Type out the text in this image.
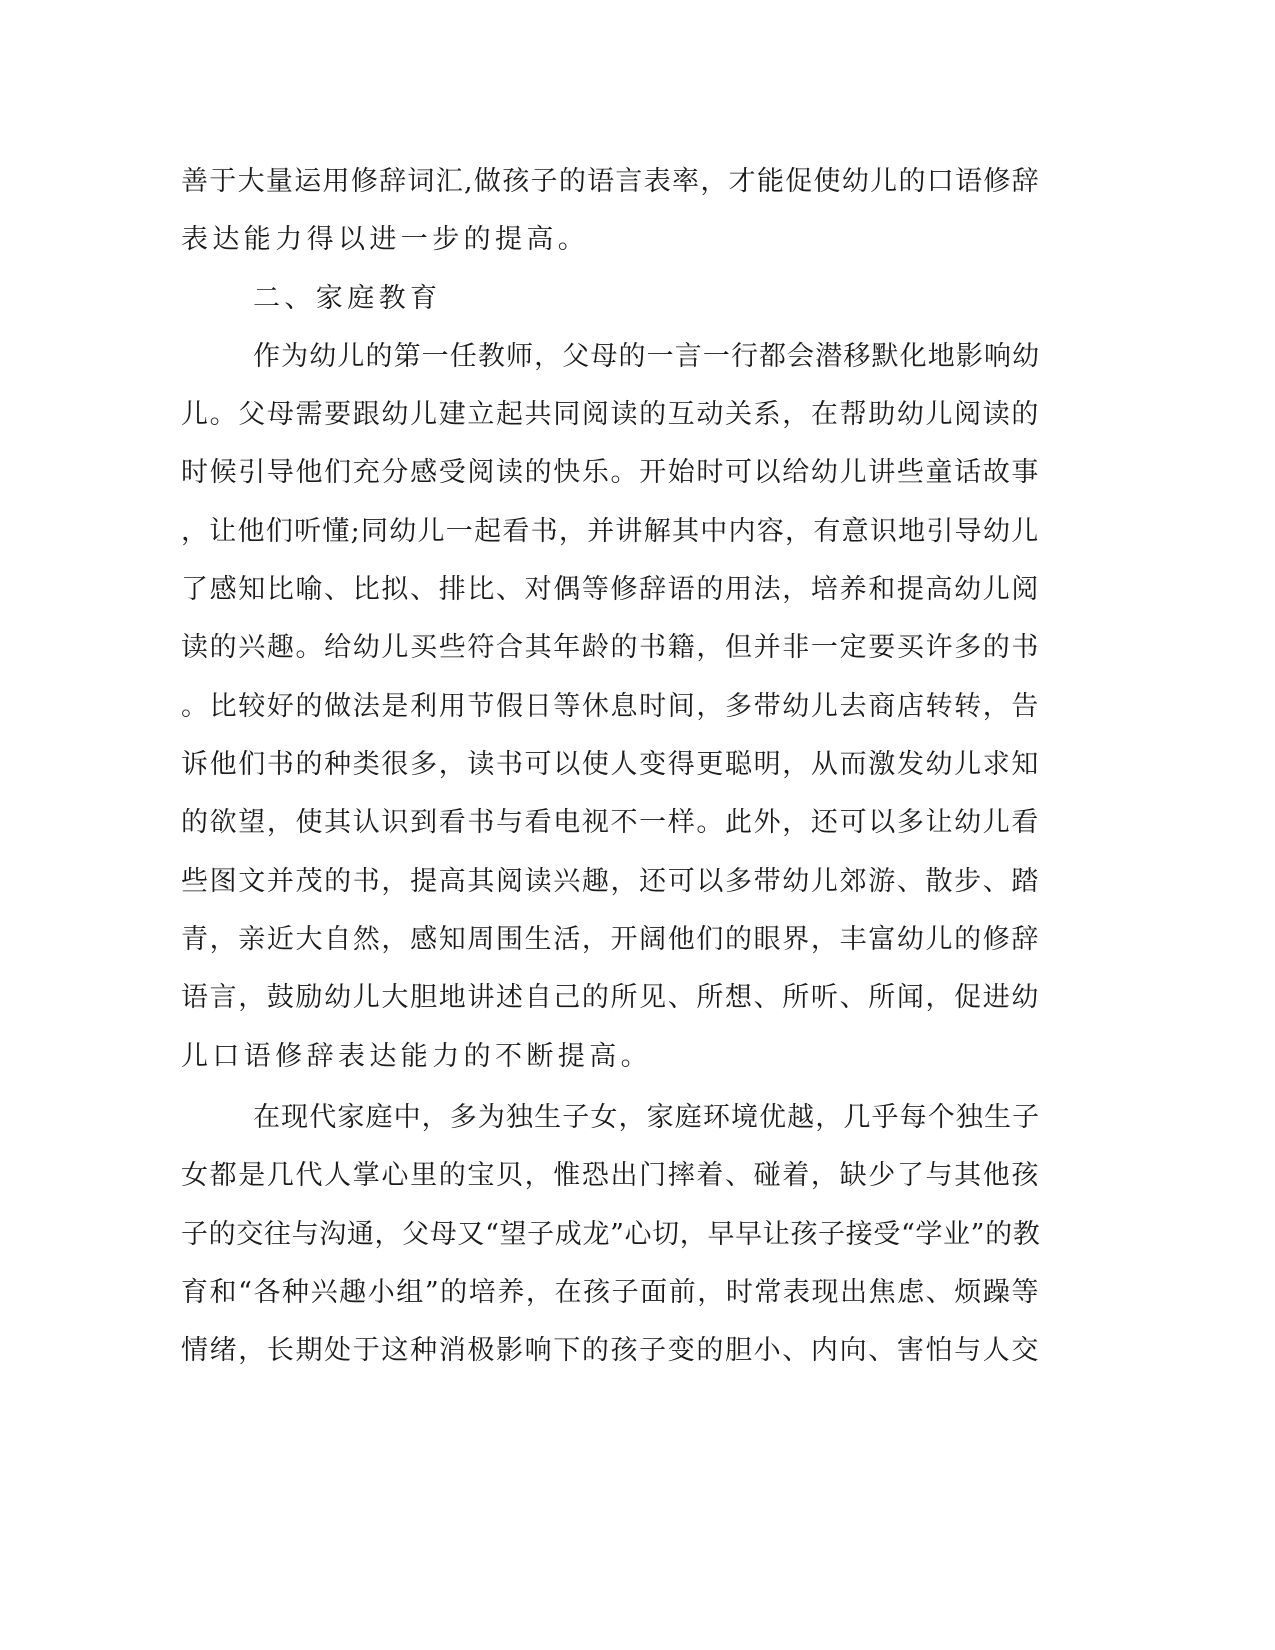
善于大量运用修辞词汇,做孩子的语言表率，才能促使幼儿的口语修辞
表达能力得以进一步的提高。
二、家庭教育
作为幼儿的第一任教师，父母的一言一行都会潜移默化地影响幼
儿。父母需要跟幼儿建立起共同阅读的互动关系，在帮助幼儿阅读的
时候引导他们充分感受阅读的快乐。开始时可以给幼儿讲些童话故事
，让他们听懂;同幼儿一起看书，并讲解其中内容，有意识地引导幼儿
了感知比喻、比拟、排比、对偶等修辞语的用法，培养和提高幼儿阅
读的兴趣。给幼儿买些符合其年龄的书籍，但并非一定要买许多的书
。比较好的做法是利用节假日等休息时间，多带幼儿去商店转转，告
诉他们书的种类很多，读书可以使人变得更聪明，从而激发幼儿求知
的欲望，使其认识到看书与看电视不一样。此外，还可以多让幼儿看
些图文并茂的书，提高其阅读兴趣，还可以多带幼儿郊游、散步、踏
青，亲近大自然，感知周围生活，开阔他们的眼界，丰富幼儿的修辞
语言，鼓励幼儿大胆地讲述自己的所见、所想、所听、所闻，促进幼
儿口语修辞表达能力的不断提高。
在现代家庭中，多为独生子女，家庭环境优越，几乎每个独生子
女都是几代人掌心里的宝贝，惟恐出门摔着、碰着，缺少了与其他孩
子的交往与沟通，父母又“望子成龙”心切，早早让孩子接受“学业”的教
育和“各种兴趣小组”的培养，在孩子面前，时常表现出焦虑、烦躁等
情绪，长期处于这种消极影响下的孩子变的胆小、内向、害怕与人交
